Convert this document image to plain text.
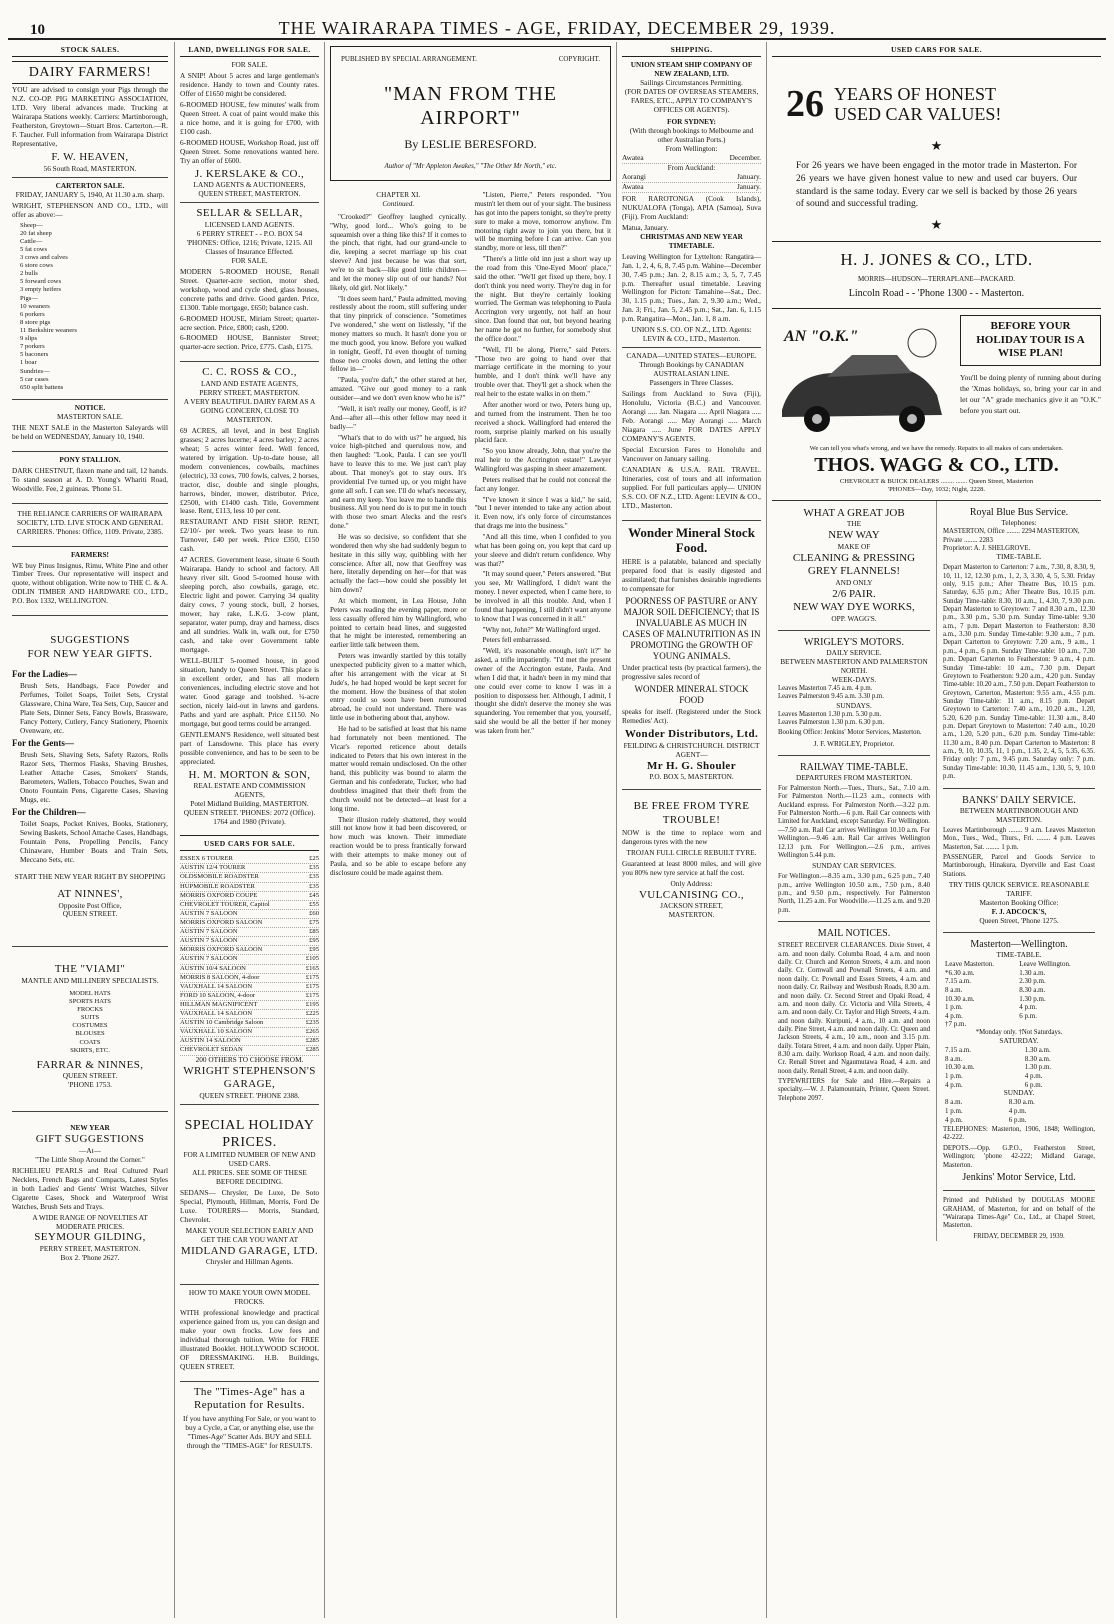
10	THE WAIRARAPA TIMES - AGE, FRIDAY, DECEMBER 29, 1939.
STOCK SALES.
DAIRY FARMERS!

YOU are advised to consign your Pigs through the N.Z. CO-OP. PIG MARKETING ASSOCIATION, LTD. Very liberal advances made. Trucking at Wairarapa Stations weekly. Carriers: Martinborough, Featherston, Greytown—Stuart Bros. Carterton.—R. F. Taucher. Full information from Wairarapa District Representative,

F. W. HEAVEN,
56 South Road, MASTERTON.
CARTERTON SALE.
FRIDAY, JANUARY 5, 1940, At 11.30 a.m. sharp.

WRIGHT, STEPHENSON AND CO., LTD., will offer as above:—

Sheep—
20 fat sheep
Cattle—
5 fat cows
3 cows and calves
6 store cows
2 bulls
5 forward cows
3 empty heifers
Pigs—
10 weaners
6 porkers
8 store pigs
11 Berkshire weaners
9 slips
7 porkers
5 baconers
1 boar
Sundries—
5 car cases
650 split battens
NOTICE.
MASTERTON SALE.

THE NEXT SALE in the Masterton Saleyards will be held on WEDNESDAY, January 10, 1940.

PONY STALLION.

DARK CHESTNUT, flaxen mane and tail, 12 hands. To stand season at A. D. Young's Whariti Road, Woodville. Fee, 2 guineas. 'Phone 51.

THE RELIANCE CARRIERS OF WAIRARAPA SOCIETY, LTD. LIVE STOCK AND GENERAL CARRIERS. 'Phones: Office, 1109. Private, 2385.

FARMERS!

WE buy Pinus Insignus, Rimu, White Pine and other Timber Trees. Our representative will inspect and quote, without obligation. Write now to THE C. & A. ODLIN TIMBER AND HARDWARE CO., LTD., P.O. Box 1332, WELLINGTON.

SUGGESTIONS
FOR NEW YEAR GIFTS.
For the Ladies—

Brush Sets, Handbags, Face Powder and Perfumes, Toilet Soaps, Toilet Sets, Crystal Glassware, China Ware, Tea Sets, Cup, Saucer and Plate Sets, Dinner Sets, Fancy Bowls, Brassware, Fancy Pottery, Cutlery, Fancy Stationery, Phoenix Ovenware, etc.

For the Gents—

Brush Sets, Shaving Sets, Safety Razors, Rolls Razor Sets, Thermos Flasks, Shaving Brushes, Leather Attache Cases, Smokers' Stands, Barometers, Wallets, Tobacco Pouches, Swan and Onoto Fountain Pens, Cigarette Cases, Shaving Mugs, etc.

For the Children—

Toilet Soaps, Pocket Knives, Books, Stationery, Sewing Baskets, School Attache Cases, Handbags, Fountain Pens, Propelling Pencils, Fancy Chinaware, Humber Boats and Train Sets, Meccano Sets, etc.

START THE NEW YEAR RIGHT BY SHOPPING
AT NINNES',
Opposite Post Office,
QUEEN STREET.
THE "VIAMI"
MANTLE AND MILLINERY SPECIALISTS.
MODEL HATS
SPORTS HATS
FROCKS
SUITS
COSTUMES
BLOUSES
COATS
SKIRTS, ETC.
FARRAR & NINNES,
QUEEN STREET.
'PHONE 1753.
NEW YEAR
GIFT SUGGESTIONS
—At—
"The Little Shop Around the Corner."

RICHELIEU PEARLS and Real Cultured Pearl Necklets, French Bags and Compacts, Latest Styles in both Ladies' and Gents' Wrist Watches, Silver Cigarette Cases, Shock and Waterproof Wrist Watches, Brush Sets and Trays.

A WIDE RANGE OF NOVELTIES AT MODERATE PRICES.
SEYMOUR GILDING,
PERRY STREET, MASTERTON.
Box 2. 'Phone 2627.
LAND, DWELLINGS FOR SALE.
FOR SALE.

A SNIP! About 5 acres and large gentleman's residence. Handy to town and County rates. Offer of £1650 might be considered.

6-ROOMED HOUSE, few minutes' walk from Queen Street. A coat of paint would make this a nice home, and it is going for £700, with £100 cash.

6-ROOMED HOUSE, Workshop Road, just off Queen Street. Some renovations wanted here. Try an offer of £600.

J. KERSLAKE & CO.,
LAND AGENTS & AUCTIONEERS,
QUEEN STREET, MASTERTON.
SELLAR & SELLAR,
LICENSED LAND AGENTS.
6 PERRY STREET - - P.O. BOX 54 'PHONES: Office, 1216; Private, 1215. All Classes of Insurance Effected.
FOR SALE.

MODERN 5-ROOMED HOUSE, Renall Street. Quarter-acre section, motor shed, workshop, wood and cycle shed, glass houses, concrete paths and drive. Good garden. Price, £1300. Table mortgage, £650; balance cash.

6-ROOMED HOUSE, Miriam Street; quarter-acre section. Price, £800; cash, £200.

6-ROOMED HOUSE, Bannister Street; quarter-acre section. Price, £775. Cash, £175.

C. C. ROSS & CO.,
LAND AND ESTATE AGENTS,
PERRY STREET, MASTERTON.
A VERY BEAUTIFUL DAIRY FARM AS A GOING CONCERN, CLOSE TO MASTERTON.

69 ACRES, all level, and in best English grasses; 2 acres lucerne; 4 acres barley; 2 acres wheat; 5 acres winter feed. Well fenced, watered by irrigation. Up-to-date house, all modern conveniences, cowbails, machines (electric), 33 cows, 700 fowls, calves, 2 horses, tractor, disc, double and single ploughs, harrows, binder, mower, distributor. Price, £2500, with £1400 cash. Title, Government lease. Rent, £113, less 10 per cent.

RESTAURANT AND FISH SHOP. RENT, £2/10/- per week. Two years lease to run. Turnover, £40 per week. Price £350, £150 cash.

47 ACRES. Government lease, situate 6 South Wairarapa. Handy to school and factory. All heavy river silt. Good 5-roomed house with sleeping porch, also cowbails, garage, etc. Electric light and power. Carrying 34 quality dairy cows, 7 young stock, bull, 2 horses, mower, hay rake, L.K.G. 3-cow plant, separator, water pump, dray and harness, discs and all sundries. Walk in, walk out, for £750 cash, and take over Government table mortgage.

WELL-BUILT 5-roomed house, in good situation, handy to Queen Street. This place is in excellent order, and has all modern conveniences, including electric stove and hot water. Good garage and toolshed. ¼-acre section, nicely laid-out in lawns and gardens. Paths and yard are asphalt. Price £1150. No mortgage, but good terms could be arranged.

GENTLEMAN'S Residence, well situated best part of Lansdowne. This place has every possible convenience, and has to be seen to be appreciated.

H. M. MORTON & SON,
REAL ESTATE AND COMMISSION AGENTS,
Potel Midland Building, MASTERTON. QUEEN STREET. 'PHONES: 2072 (Office). 1764 and 1980 (Private).
USED CARS FOR SALE.
ESSEX 6 TOURER	£25
AUSTIN 12/4 TOURER	£35
OLDSMOBILE ROADSTER	£35
HUPMOBILE ROADSTER	£35
MORRIS OXFORD COUPE	£45
CHEVROLET TOURER, Capitol	£55
AUSTIN 7 SALOON	£60
MORRIS OXFORD SALOON	£75
AUSTIN 7 SALOON	£85
AUSTIN 7 SALOON	£95
MORRIS OXFORD SALOON	£95
AUSTIN 7 SALOON	£105
AUSTIN 10/4 SALOON	£165
MORRIS 8 SALOON, 4-door	£175
VAUXHALL 14 SALOON	£175
FORD 10 SALOON, 4-door	£175
HILLMAN MAGNIFICENT	£195
VAUXHALL 14 SALOON	£225
AUSTIN 10 Cambridge Saloon	£235
VAUXHALL 10 SALOON	£265
AUSTIN 14 SALOON	£285
CHEVROLET SEDAN	£285
200 OTHERS TO CHOOSE FROM.
WRIGHT STEPHENSON'S GARAGE,
QUEEN STREET. 'PHONE 2388.
SPECIAL HOLIDAY PRICES.
FOR A LIMITED NUMBER OF NEW AND USED CARS.
ALL PRICES. SEE SOME OF THESE BEFORE DECIDING.

SEDANS— Chrysler, De Luxe, De Soto Special, Plymouth, Hillman, Morris, Ford De Luxe. TOURERS— Morris, Standard, Chevrolet.

MAKE YOUR SELECTION EARLY AND GET THE CAR YOU WANT AT
MIDLAND GARAGE, LTD.
Chrysler and Hillman Agents.
HOW TO MAKE YOUR OWN MODEL FROCKS.

WITH professional knowledge and practical experience gained from us, you can design and make your own frocks. Low fees and individual thorough tuition. Write for FREE illustrated Booklet. HOLLYWOOD SCHOOL OF DRESSMAKING. H.B. Buildings, QUEEN STREET.

The "Times-Age" has a Reputation for Results.

If you have anything For Sale, or you want to buy a Cycle, a Car, or anything else, use the "Times-Age" Scatter Ads. BUY and SELL through the "TIMES-AGE" for RESULTS.

PUBLISHED BY SPECIAL ARRANGEMENT.	COPYRIGHT.
"MAN FROM THE AIRPORT"
By LESLIE BERESFORD.
Author of "Mr Appleton Awakes," "The Other Mr North," etc.
CHAPTER XI.
Continued.

"Crooked?" Geoffrey laughed cynically. "Why, good lord... Who's going to be squeamish over a thing like this? If it comes to the pinch, that right, had our grand-uncle to die, keeping a secret marriage up his coat sleeve? And just because he was that sort, we're to sit back—like good little children—and let the money slip out of our hands? Not likely, old girl. Not likely."

"It does seem hard," Paula admitted, moving restlessly about the room, still suffering under that tiny pinprick of conscience. "Sometimes I've wondered," she went on listlessly, "if the money matters so much. It hasn't done you or me much good, you know. Before you walked in tonight, Geoff, I'd even thought of turning those two crooks down, and letting the other fellow in—"

"Paula, you're daft," the other stared at her, amazed. "Give our good money to a rank outsider—and we don't even know who he is?"

"Well, it isn't really our money, Geoff, is it? And—after all—this other fellow may need it badly—"

"What's that to do with us?" he argued, his voice high-pitched and querulous now, and then laughed: "Look, Paula. I can see you'll have to leave this to me. We just can't play about. That money's got to stay ours. It's providential I've turned up, or you might have gone all soft. I can see. I'll do what's necessary, and earn my keep. You leave me to handle this business. All you need do is to put me in touch with those two smart Alecks and the rest's done."

He was so decisive, so confident that she wondered then why she had suddenly begun to hesitate in this silly way, quibbling with her conscience. After all, now that Geoffrey was here, literally depending on her—for that was actually the fact—how could she possibly let him down?

At which moment, in Lea House, John Peters was reading the evening paper, more or less casually offered him by Wallingford, who pointed to certain head lines, and suggested that he might be interested, remembering an earlier little talk between them.

Peters was inwardly startled by this totally unexpected publicity given to a matter which, after his arrangement with the vicar at St Jude's, he had hoped would be kept secret for the moment. How the business of that stolen entry could so soon have been rumoured abroad, he could not understand. There was little use in bothering about that, anyhow.

He had to be satisfied at least that his name had fortunately not been mentioned. The Vicar's reported reticence about details indicated to Peters that his own interest in the matter would remain undisclosed. On the other hand, this publicity was bound to alarm the German and his confederate, Tucker, who had doubtless imagined that their theft from the church would not be detected—at least for a long time.

Their illusion rudely shattered, they would still not know how it had been discovered, or how much was known. Their immediate reaction would be to press frantically forward with their attempts to make money out of Paula, and so be able to escape before any disclosure could be made against them.

"Listen, Pierre," Peters responded. "You mustn't let them out of your sight. The business has got into the papers tonight, so they're pretty sure to make a move, tomorrow anyhow. I'm motoring right away to join you there, but it will be morning before I can arrive. Can you standby, more or less, till then?"

"There's a little old inn just a short way up the road from this 'One-Eyed Moon' place," said the other. "We'll get fixed up there, boy. I don't think you need worry. They're dug in for the night. But they're certainly looking worried. The German was telephoning to Paula Accrington very urgently, not half an hour since. Dan found that out, but beyond hearing her name he got no further, for somebody shut the office door."

"Well, I'll be along, Pierre," said Peters. "Those two are going to hand over that marriage certificate in the morning to your humble, and I don't think we'll have any trouble over that. They'll get a shock when the real heir to the estate walks in on them."

After another word or two, Peters hung up, and turned from the instrument. Then he too received a shock. Wallingford had entered the room, surprise plainly marked on his usually placid face.

"So you know already, John, that you're the real heir to the Accrington estate!" Lawyer Wallingford was gasping in sheer amazement.

Peters realised that he could not conceal the fact any longer.

"I've known it since I was a kid," he said, "but I never intended to take any action about it. Even now, it's only force of circumstances that drags me into the business."

"And all this time, when I confided to you what has been going on, you kept that card up your sleeve and didn't return confidence. Why was that?"

"It may sound queer," Peters answered. "But you see, Mr Wallingford, I didn't want the money. I never expected, when I came here, to be involved in all this trouble. And, when I found that happening, I still didn't want anyone to know that I was concerned in it all."

"Why not, John?" Mr Wallingford urged.

Peters fell embarrassed.

"Well, it's reasonable enough, isn't it?" he asked, a trifle impatiently. "I'd met the present owner of the Accrington estate, Paula. And when I did that, it hadn't been in my mind that one could ever come to know I was in a position to dispossess her. Although, I admit, I thought she didn't deserve the money she was squandering. You remember that you, yourself, said she would be all the better if her money was taken from her."

SHIPPING.
UNION STEAM SHIP COMPANY OF NEW ZEALAND, LTD.
Sailings Circumstances Permitting.
(FOR DATES OF OVERSEAS STEAMERS, FARES, ETC., APPLY TO COMPANY'S OFFICES OR AGENTS).
FOR SYDNEY:
(With through bookings to Melbourne and other Australian Ports.)
From Wellington:
Awatea	December.
From Auckland:
Aorangi	January.
Awatea	January.

FOR RAROTONGA (Cook Islands), NUKUALOFA (Tonga), APIA (Samoa), Suva (Fiji). From Auckland:

Matua, January.
CHRISTMAS AND NEW YEAR TIMETABLE.

Leaving Wellington for Lyttelton: Rangatira—Jan. 1, 2, 4, 6, 8, 7.45 p.m. Wahine—December 30, 7.45 p.m.; Jan. 2, 8.15 a.m.; 3, 5, 7, 7.45 p.m. Thereafter usual timetable. Leaving Wellington for Picton: Tamahine—Sat., Dec. 30, 1.15 p.m.; Tues., Jan. 2, 9.30 a.m.; Wed., Jan. 3; Fri., Jan. 5, 2.45 p.m.; Sat., Jan. 6, 1.15 p.m. Rangatira—Mon., Jan. 1, 8 a.m.

UNION S.S. CO. OF N.Z., LTD. Agents: LEVIN & CO., LTD., Masterton.
CANADA—UNITED STATES—EUROPE.
Through Bookings by CANADIAN AUSTRALASIAN LINE.
Passengers in Three Classes.

Sailings from Auckland to Suva (Fiji), Honolulu, Victoria (B.C.) and Vancouver. Aorangi ..... Jan. Niagara ..... April Niagara ..... Feb. Aorangi ..... May Aorangi ..... March Niagara ..... June FOR DATES APPLY COMPANY'S AGENTS.

Special Excursion Fares to Honolulu and Vancouver on January sailing.

CANADIAN & U.S.A. RAIL TRAVEL. Itineraries, cost of tours and all information supplied. For full particulars apply— UNION S.S. CO. OF N.Z., LTD. Agent: LEVIN & CO., LTD., Masterton.

Wonder Mineral Stock Food.

HERE is a palatable, balanced and specially prepared food that is easily digested and assimilated; that furnishes desirable ingredients to compensate for

POORNESS OF PASTURE or ANY MAJOR SOIL DEFICIENCY; that IS INVALUABLE AS MUCH IN CASES OF MALNUTRITION AS IN PROMOTING the GROWTH OF YOUNG ANIMALS.

Under practical tests (by practical farmers), the progressive sales record of

WONDER MINERAL STOCK FOOD

speaks for itself. (Registered under the Stock Remedies' Act).

Wonder Distributors, Ltd.
FEILDING & CHRISTCHURCH. DISTRICT AGENT—
Mr H. G. Shouler
P.O. BOX 5, MASTERTON.
BE FREE FROM TYRE TROUBLE!

NOW is the time to replace worn and dangerous tyres with the new

TROJAN FULL CIRCLE REBUILT TYRE.

Guaranteed at least 8000 miles, and will give you 80% new tyre service at half the cost.

Only Address:
VULCANISING CO.,
JACKSON STREET,
MASTERTON.
USED CARS FOR SALE.
26 YEARS OF HONEST
USED CAR VALUES!
★

For 26 years we have been engaged in the motor trade in Masterton. For 26 years we have given honest value to new and used car buyers. Our standard is the same today. Every car we sell is backed by those 26 years of sound and successful trading.

★
H. J. JONES & CO., LTD.
MORRIS—HUDSON—TERRAPLANE—PACKARD.
Lincoln Road - - 'Phone 1300 - - Masterton.
AN "O.K."
BEFORE YOUR HOLIDAY TOUR IS A WISE PLAN!

You'll be doing plenty of running about during the 'Xmas holidays, so, bring your car in and let our "A" grade mechanics give it an "O.K." before you start out.

We can tell you what's wrong, and we have the remedy. Repairs to all makes of cars undertaken.
THOS. WAGG & CO., LTD.
CHEVROLET & BUICK DEALERS ........ ....... Queen Street, Masterton
'PHONES—Day, 1032; Night, 2228.
WHAT A GREAT JOB
THE
NEW WAY
MAKE OF
CLEANING & PRESSING GREY FLANNELS!
AND ONLY
2/6 PAIR.
NEW WAY DYE WORKS,
OPP. WAGG'S.
WRIGLEY'S MOTORS.
DAILY SERVICE.
BETWEEN MASTERTON AND PALMERSTON NORTH.
WEEK-DAYS.
Leaves Masterton 7.45 a.m. 4 p.m.
Leaves Palmerston 9.45 a.m. 3.30 p.m.
SUNDAYS.
Leaves Masterton 1.30 p.m. 5.30 p.m.
Leaves Palmerston 1.30 p.m. 6.30 p.m.

Booking Office: Jenkins' Motor Services, Masterton.

J. F. WRIGLEY, Proprietor.
RAILWAY TIME-TABLE.
DEPARTURES FROM MASTERTON.

For Palmerston North.—Tues., Thurs., Sat., 7.10 a.m. For Palmerston North.—11.23 a.m., connects with Auckland express. For Palmerston North.—3.22 p.m. For Palmerston North.—6 p.m. Rail Car connects with Limited for Auckland, except Saturday. For Wellington.—7.50 a.m. Rail Car arrives Wellington 10.10 a.m. For Wellington.—9.46 a.m. Rail Car arrives Wellington 12.13 p.m. For Wellington.—2.6 p.m., arrives Wellington 5.44 p.m.

SUNDAY CAR SERVICES.

For Wellington.—8.35 a.m., 3.30 p.m., 6.25 p.m., 7.40 p.m., arrive Wellington 10.50 a.m., 7.50 p.m., 8.40 p.m., and 9.50 p.m., respectively. For Palmerston North, 11.25 a.m. For Woodville.—11.25 a.m. and 9.20 p.m.

MAIL NOTICES.

STREET RECEIVER CLEARANCES. Dixie Street, 4 a.m. and noon daily. Columba Road, 4 a.m. and noon daily. Cr. Church and Kenton Streets, 4 a.m. and noon daily. Cr. Cornwall and Pownall Streets, 4 a.m. and noon daily. Cr. Pownall and Essex Streets, 4 a.m. and noon daily. Cr. Railway and Westbush Roads, 8.30 a.m. and noon daily. Cr. Second Street and Opaki Road, 4 a.m. and noon daily. Cr. Victoria and Villa Streets, 4 a.m. and noon daily. Cr. Taylor and High Streets, 4 a.m. and noon daily. Kuripuni, 4 a.m., 10 a.m. and noon daily. Pine Street, 4 a.m. and noon daily. Cr. Queen and Jackson Streets, 4 a.m., 10 a.m., noon and 3.15 p.m. daily. Totara Street, 4 a.m. and noon daily. Upper Plain, 8.30 a.m. daily. Worksop Road, 4 a.m. and noon daily. Cr. Renall Street and Ngaumutawa Road, 4 a.m. and noon daily. Renall Street, 4 a.m. and noon daily.

TYPEWRITERS for Sale and Hire.—Repairs a specialty.—W. J. Palamountain, Printer, Queen Street. Telephone 2097.

Royal Blue Bus Service.
Telephones:
MASTERTON, Office ........ 2294 MASTERTON, Private ........ 2283
Proprietor: A. J. SHELGROVE.
TIME-TABLE.

Depart Masterton to Carterton: 7 a.m., 7.30, 8, 8.30, 9, 10, 11, 12, 12.30 p.m., 1, 2, 3, 3.30, 4, 5, 5.30. Friday only, 9.15 p.m.; After Theatre Bus, 10.15 p.m. Saturday, 6.35 p.m.; After Theatre Bus, 10.15 p.m. Sunday Time-table: 8.30, 10 a.m., 1, 4.30, 7, 9.30 p.m. Depart Masterton to Greytown: 7 and 8.30 a.m., 12.30 p.m., 3.30 p.m., 5.30 p.m. Sunday Time-table: 9.30 a.m., 7 p.m. Depart Masterton to Featherston: 8.30 a.m., 3.30 p.m. Sunday Time-table: 9.30 a.m., 7 p.m. Depart Carterton to Greytown: 7.20 a.m., 9 a.m., 1 p.m., 4 p.m., 6 p.m. Sunday Time-table: 10 a.m., 7.30 p.m. Depart Carterton to Featherston: 9 a.m., 4 p.m. Sunday Time-table: 10 a.m., 7.30 p.m. Depart Greytown to Featherston: 9.20 a.m., 4.20 p.m. Sunday Time-table: 10.20 a.m., 7.50 p.m. Depart Featherston to Greytown, Carterton, Masterton: 9.55 a.m., 4.55 p.m. Sunday Time-table: 11 a.m., 8.15 p.m. Depart Greytown to Carterton: 7.40 a.m., 10.20 a.m., 1.20, 5.20, 6.20 p.m. Sunday Time-table: 11.30 a.m., 8.40 p.m. Depart Greytown to Masterton: 7.40 a.m., 10.20 a.m., 1.20, 5.20 p.m., 6.20 p.m. Sunday Time-table: 11.30 a.m., 8.40 p.m. Depart Carterton to Masterton: 8 a.m., 9, 10, 10.35, 11, 1 p.m., 1.35, 2, 4, 5, 5.35, 6.35. Friday only: 7 p.m., 9.45 p.m. Saturday only: 7 p.m. Sunday Time-table: 10.30, 11.45 a.m., 1.30, 5, 9, 10.0 p.m.

BANKS' DAILY SERVICE.
BETWEEN MARTINBOROUGH AND MASTERTON.

Leaves Martinborough ........ 9 a.m. Leaves Masterton Mon., Tues., Wed., Thurs., Fri. ........ 4 p.m. Leaves Masterton, Sat. ........ 1 p.m.

PASSENGER, Parcel and Goods Service to Martinborough, Hinakura, Dyerville and East Coast Stations.

TRY THIS QUICK SERVICE. REASONABLE TARIFF.
Masterton Booking Office:
F. J. ADCOCK'S,
Queen Street, 'Phone 1275.
Masterton—Wellington.
TIME-TABLE.
Leave Masterton.	Leave Wellington.
*6.30 a.m.	1.30 a.m.
7.15 a.m.	2.30 p.m.
8 a.m.	8.30 a.m.
10.30 a.m.	1.30 p.m.
1 p.m.	4 p.m.
4 p.m.	6 p.m.
†7 p.m.	
*Monday only. †Not Saturdays.
SATURDAY.
7.15 a.m.	1.30 a.m.
8 a.m.	8.30 a.m.
10.30 a.m.	1.30 p.m.
1 p.m.	4 p.m.
4 p.m.	6 p.m.
SUNDAY.
8 a.m.	8.30 a.m.
1 p.m.	4 p.m.
4 p.m.	6 p.m.

TELEPHONES: Masterton, 1906, 1848; Wellington, 42-222.

DEPOTS.—Opp. G.P.O., Featherston Street, Wellington; 'phone 42-222; Midland Garage, Masterton.

Jenkins' Motor Service, Ltd.

Printed and Published by DOUGLAS MOORE GRAHAM, of Masterton, for and on behalf of the "Wairarapa Times-Age" Co., Ltd., at Chapel Street, Masterton.

FRIDAY, DECEMBER 29, 1939.
